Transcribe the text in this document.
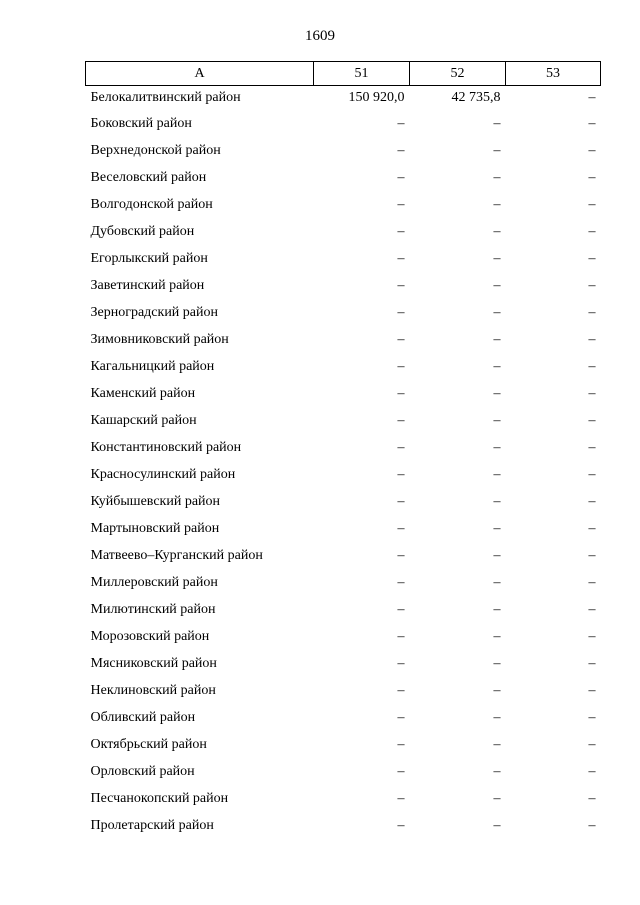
1609
А	51	52	53
Белокалитвинский район	150 920,0	42 735,8	–
Боковский район	–	–	–
Верхнедонской район	–	–	–
Веселовский район	–	–	–
Волгодонской район	–	–	–
Дубовский район	–	–	–
Егорлыкский район	–	–	–
Заветинский район	–	–	–
Зерноградский район	–	–	–
Зимовниковский район	–	–	–
Кагальницкий район	–	–	–
Каменский район	–	–	–
Кашарский район	–	–	–
Константиновский район	–	–	–
Красносулинский район	–	–	–
Куйбышевский район	–	–	–
Мартыновский район	–	–	–
Матвеево–Курганский район	–	–	–
Миллеровский район	–	–	–
Милютинский район	–	–	–
Морозовский район	–	–	–
Мясниковский район	–	–	–
Неклиновский район	–	–	–
Обливский район	–	–	–
Октябрьский район	–	–	–
Орловский район	–	–	–
Песчанокопский район	–	–	–
Пролетарский район	–	–	–
